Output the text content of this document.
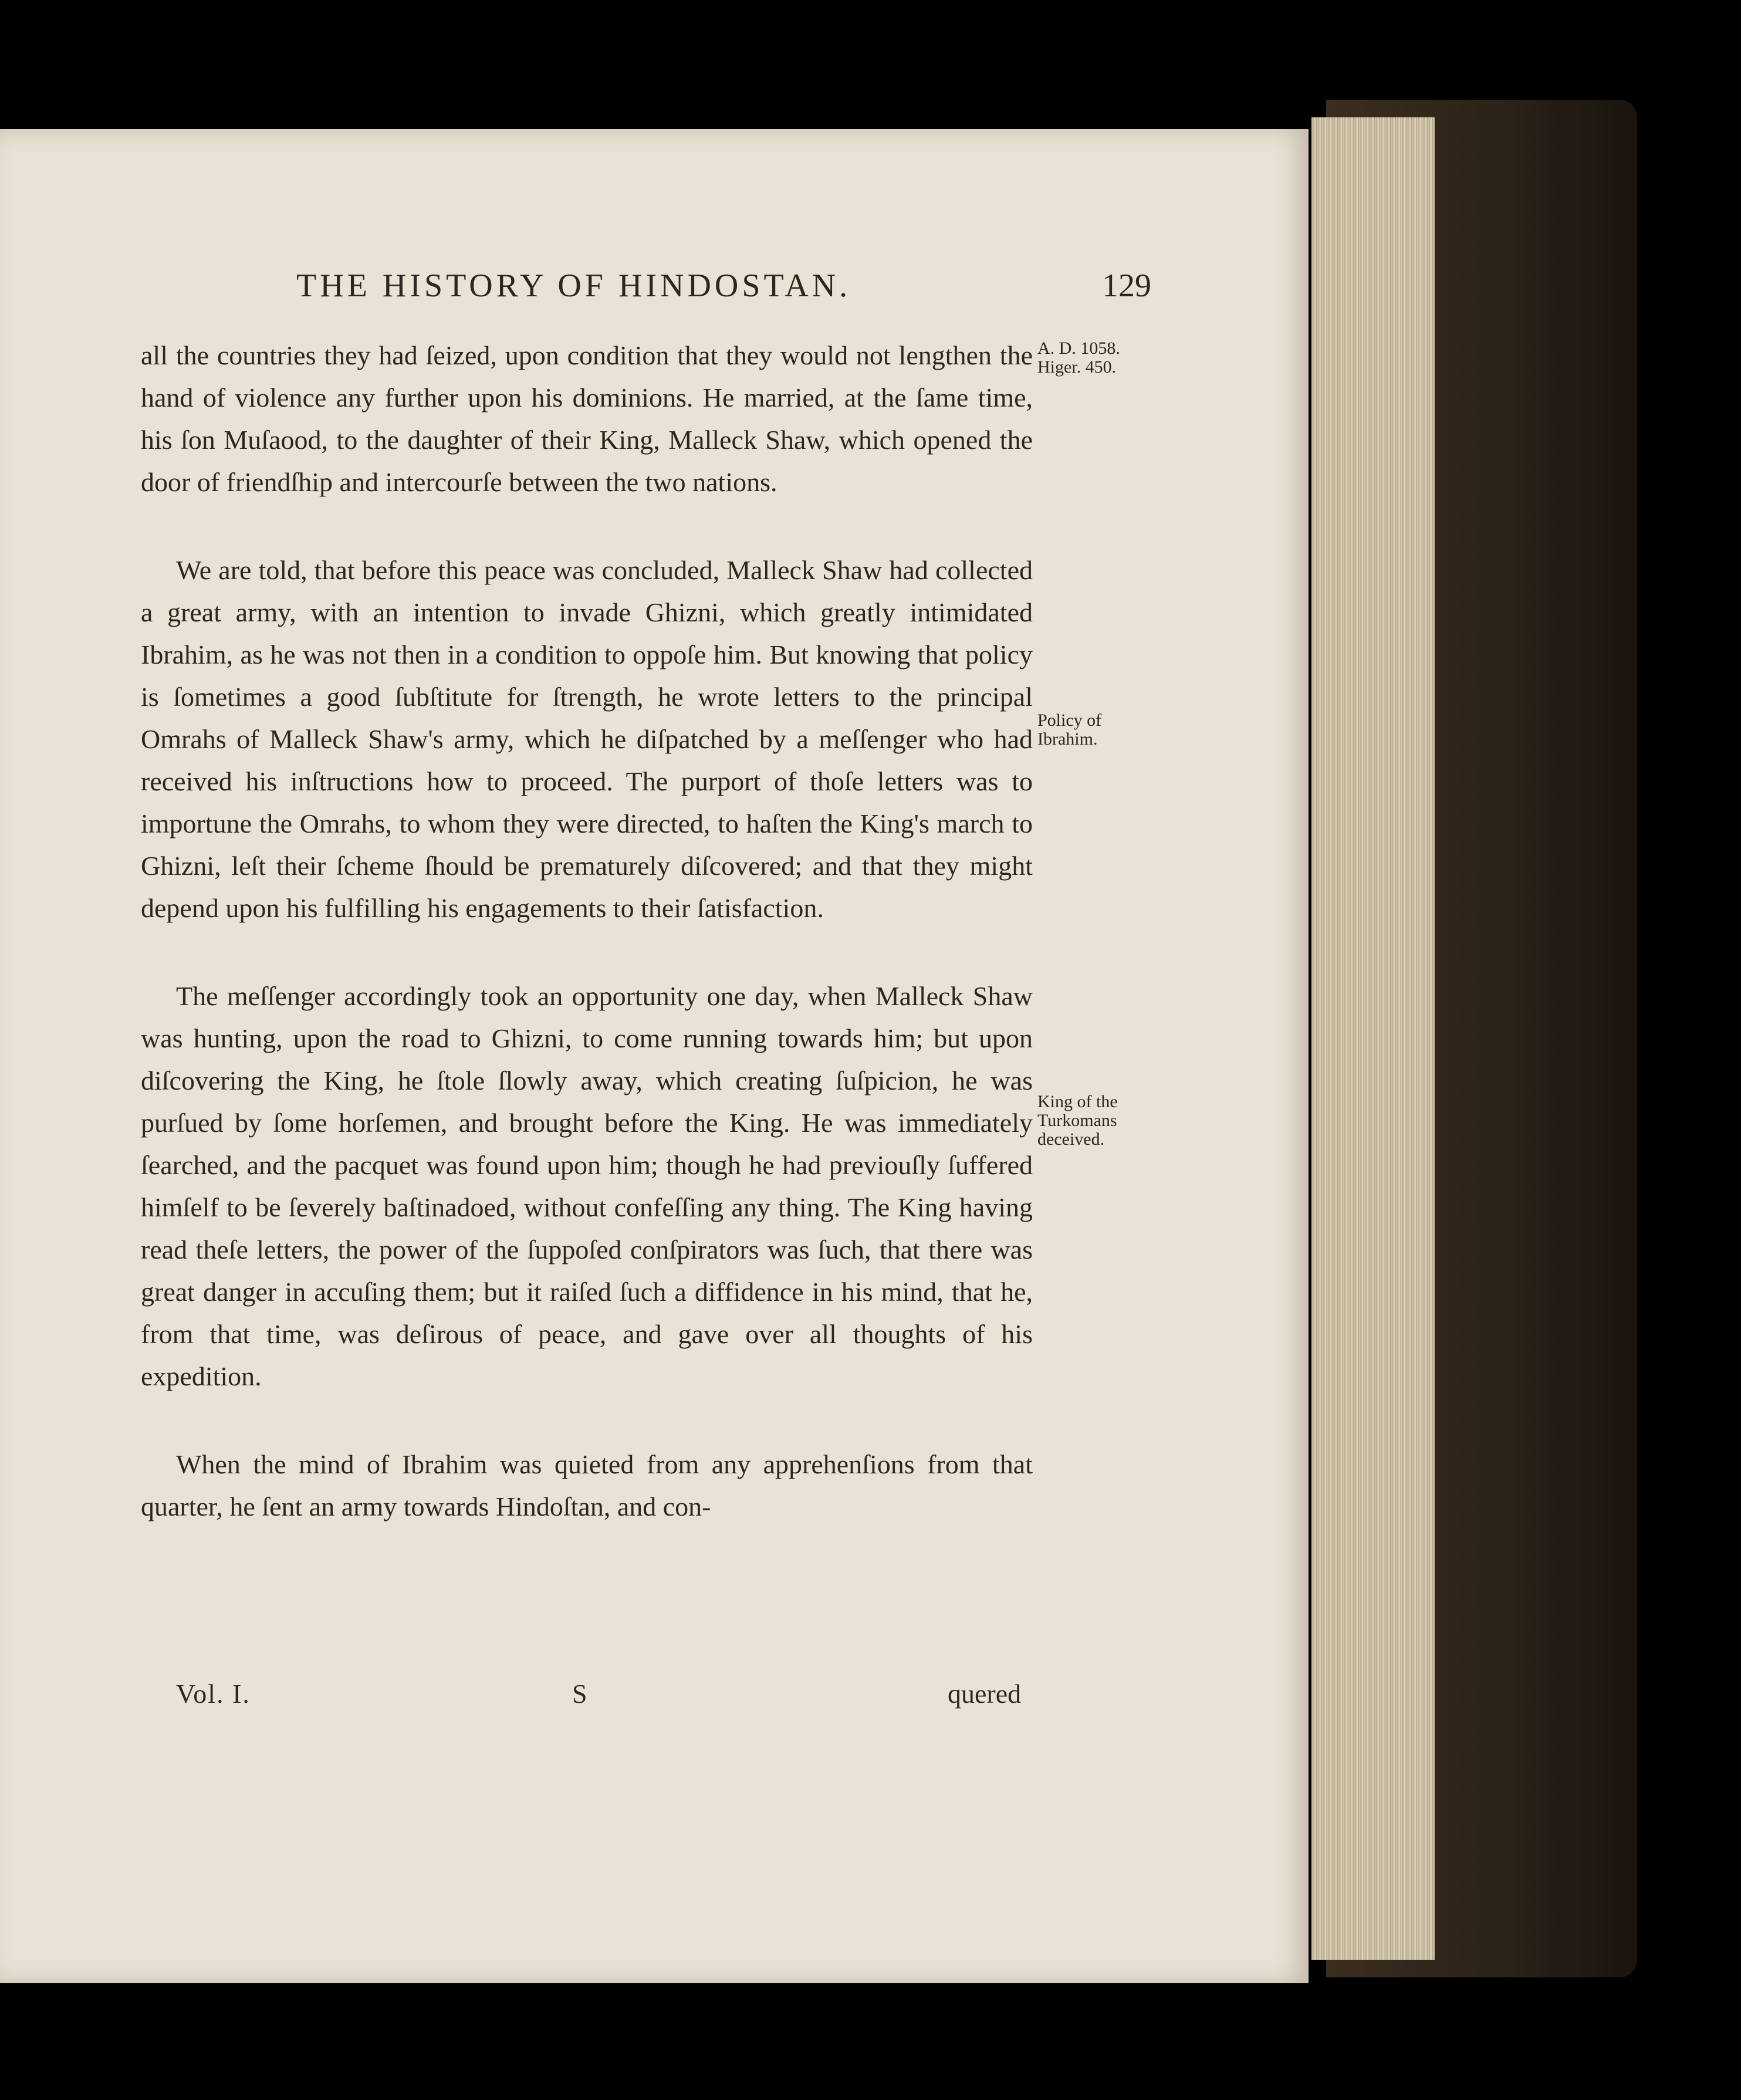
THE HISTORY OF HINDOSTAN.	129
A. D. 1058.
Higer. 450.
Policy of
Ibrahim.
King of the
Turkomans
deceived.

all the countries they had ſeized, upon condition that they would not lengthen the hand of violence any further upon his dominions. He married, at the ſame time, his ſon Muſaood, to the daughter of their King, Malleck Shaw, which opened the door of friendſhip and intercourſe between the two nations.

We are told, that before this peace was concluded, Malleck Shaw had collected a great army, with an intention to invade Ghizni, which greatly intimidated Ibrahim, as he was not then in a condition to oppoſe him. But knowing that policy is ſometimes a good ſubſtitute for ſtrength, he wrote letters to the principal Omrahs of Malleck Shaw's army, which he diſpatched by a meſſenger who had received his inſtructions how to proceed. The purport of thoſe letters was to importune the Omrahs, to whom they were directed, to haſten the King's march to Ghizni, leſt their ſcheme ſhould be prematurely diſcovered; and that they might depend upon his fulfilling his engagements to their ſatisfaction.

The meſſenger accordingly took an opportunity one day, when Malleck Shaw was hunting, upon the road to Ghizni, to come running towards him; but upon diſcovering the King, he ſtole ſlowly away, which creating ſuſpicion, he was purſued by ſome horſemen, and brought before the King. He was immediately ſearched, and the pacquet was found upon him; though he had previouſly ſuffered himſelf to be ſeverely baſtinadoed, without confeſſing any thing. The King having read theſe letters, the power of the ſuppoſed conſpirators was ſuch, that there was great danger in accuſing them; but it raiſed ſuch a diffidence in his mind, that he, from that time, was deſirous of peace, and gave over all thoughts of his expedition.

When the mind of Ibrahim was quieted from any apprehenſions from that quarter, he ſent an army towards Hindoſtan, and con-

Vol. I.	S	quered
